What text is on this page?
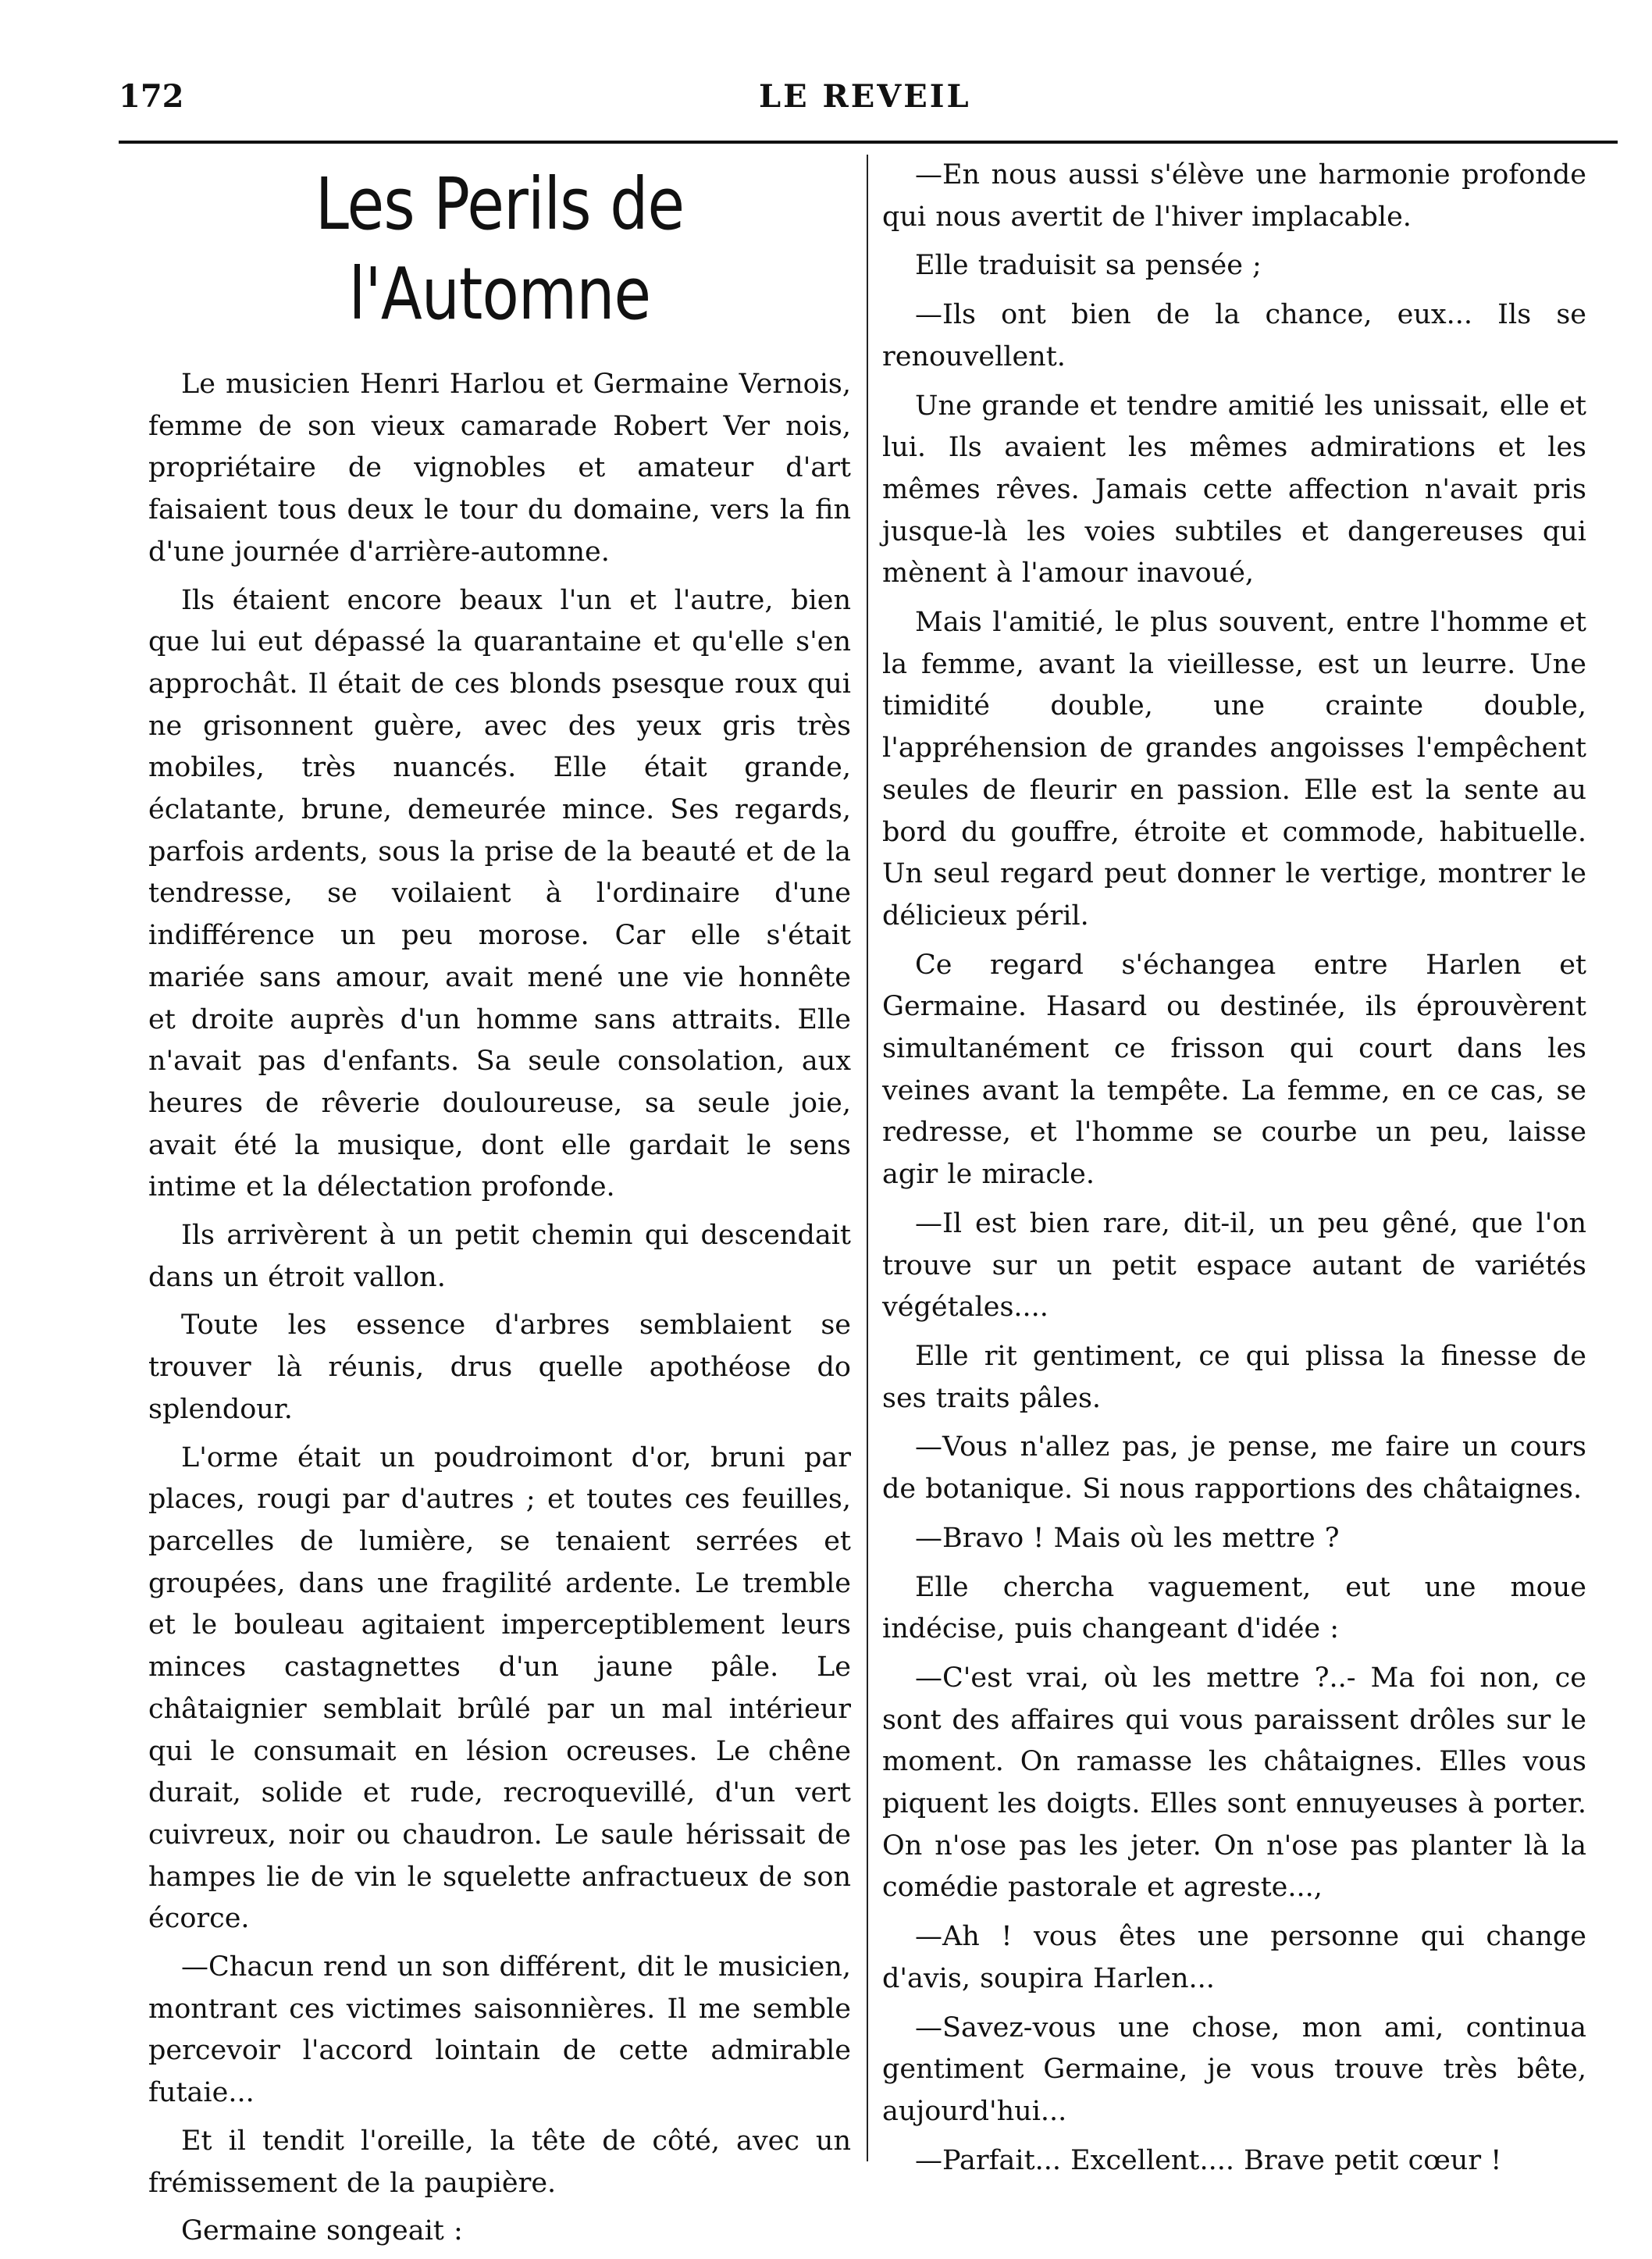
172	LE REVEIL
Les Perils de l'Automne

Le musicien Henri Harlou et Germaine Vernois, femme de son vieux camarade Robert Ver nois, propriétaire de vignobles et amateur d'art faisaient tous deux le tour du domaine, vers la fin d'une journée d'arrière-automne.

Ils étaient encore beaux l'un et l'autre, bien que lui eut dépassé la quarantaine et qu'elle s'en approchât. Il était de ces blonds psesque roux qui ne grisonnent guère, avec des yeux gris très mobiles, très nuancés. Elle était grande, éclatante, brune, demeurée mince. Ses regards, parfois ardents, sous la prise de la beauté et de la tendresse, se voilaient à l'ordinaire d'une indifférence un peu morose. Car elle s'était mariée sans amour, avait mené une vie honnête et droite auprès d'un homme sans attraits. Elle n'avait pas d'enfants. Sa seule consolation, aux heures de rêverie douloureuse, sa seule joie, avait été la musique, dont elle gardait le sens intime et la délectation profonde.

Ils arrivèrent à un petit chemin qui descendait dans un étroit vallon.

Toute les essence d'arbres semblaient se trouver là réunis, drus quelle apothéose do splendour.

L'orme était un poudroimont d'or, bruni par places, rougi par d'autres ; et toutes ces feuilles, parcelles de lumière, se tenaient serrées et groupées, dans une fragilité ardente. Le tremble et le bouleau agitaient imperceptiblement leurs minces castagnettes d'un jaune pâle. Le châtaignier semblait brûlé par un mal intérieur qui le consumait en lésion ocreuses. Le chêne durait, solide et rude, recroquevillé, d'un vert cuivreux, noir ou chaudron. Le saule hérissait de hampes lie de vin le squelette anfractueux de son écorce.

—Chacun rend un son différent, dit le musicien, montrant ces victimes saisonnières. Il me semble percevoir l'accord lointain de cette admirable futaie...

Et il tendit l'oreille, la tête de côté, avec un frémissement de la paupière.

Germaine songeait :

—En nous aussi s'élève une harmonie profonde qui nous avertit de l'hiver implacable.

Elle traduisit sa pensée ;

—Ils ont bien de la chance, eux... Ils se renouvellent.

Une grande et tendre amitié les unissait, elle et lui. Ils avaient les mêmes admirations et les mêmes rêves. Jamais cette affection n'avait pris jusque-là les voies subtiles et dangereuses qui mènent à l'amour inavoué,

Mais l'amitié, le plus souvent, entre l'homme et la femme, avant la vieillesse, est un leurre. Une timidité double, une crainte double, l'appréhension de grandes angoisses l'empêchent seules de fleurir en passion. Elle est la sente au bord du gouffre, étroite et commode, habituelle. Un seul regard peut donner le vertige, montrer le délicieux péril.

Ce regard s'échangea entre Harlen et Germaine. Hasard ou destinée, ils éprouvèrent simultanément ce frisson qui court dans les veines avant la tempête. La femme, en ce cas, se redresse, et l'homme se courbe un peu, laisse agir le miracle.

—Il est bien rare, dit-il, un peu gêné, que l'on trouve sur un petit espace autant de variétés végétales....

Elle rit gentiment, ce qui plissa la finesse de ses traits pâles.

—Vous n'allez pas, je pense, me faire un cours de botanique. Si nous rapportions des châtaignes.

—Bravo ! Mais où les mettre ?

Elle chercha vaguement, eut une moue indécise, puis changeant d'idée :

—C'est vrai, où les mettre ?..- Ma foi non, ce sont des affaires qui vous paraissent drôles sur le moment. On ramasse les châtaignes. Elles vous piquent les doigts. Elles sont ennuyeuses à porter. On n'ose pas les jeter. On n'ose pas planter là la comédie pastorale et agreste...,

—Ah ! vous êtes une personne qui change d'avis, soupira Harlen...

—Savez-vous une chose, mon ami, continua gentiment Germaine, je vous trouve très bête, aujourd'hui...

—Parfait... Excellent.... Brave petit cœur !
